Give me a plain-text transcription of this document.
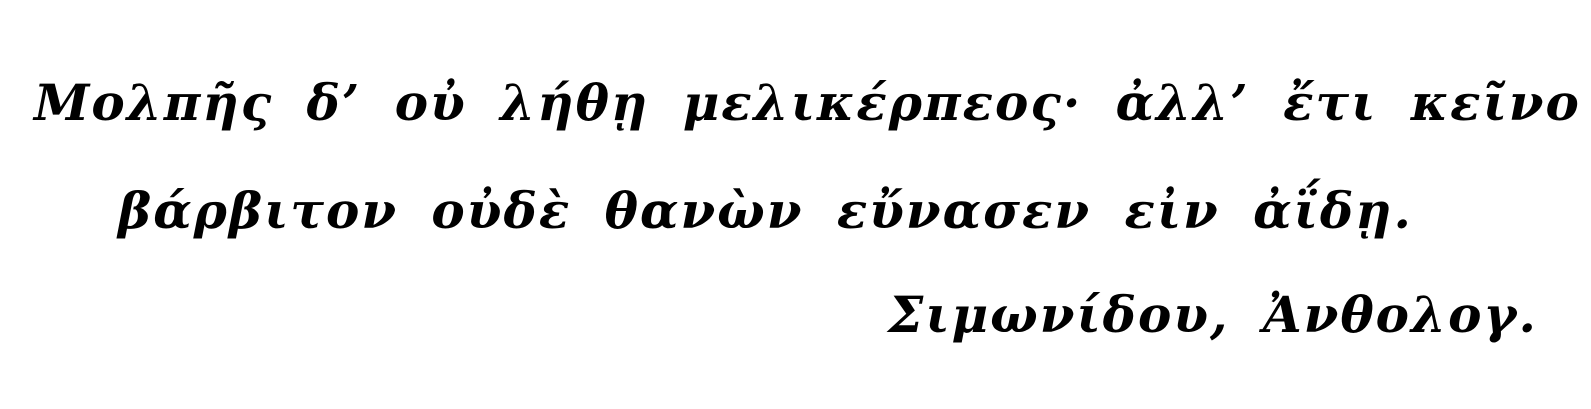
Μολπῆς δ’ οὐ λήθῃ μελικέρπεος· ἀλλ’ ἔτι κεῖνο
βάρβιτον οὐδὲ θανὼν εὔνασεν εἰν ἀΐδῃ.
Σιμωνίδου, Ἀνθολογ.
